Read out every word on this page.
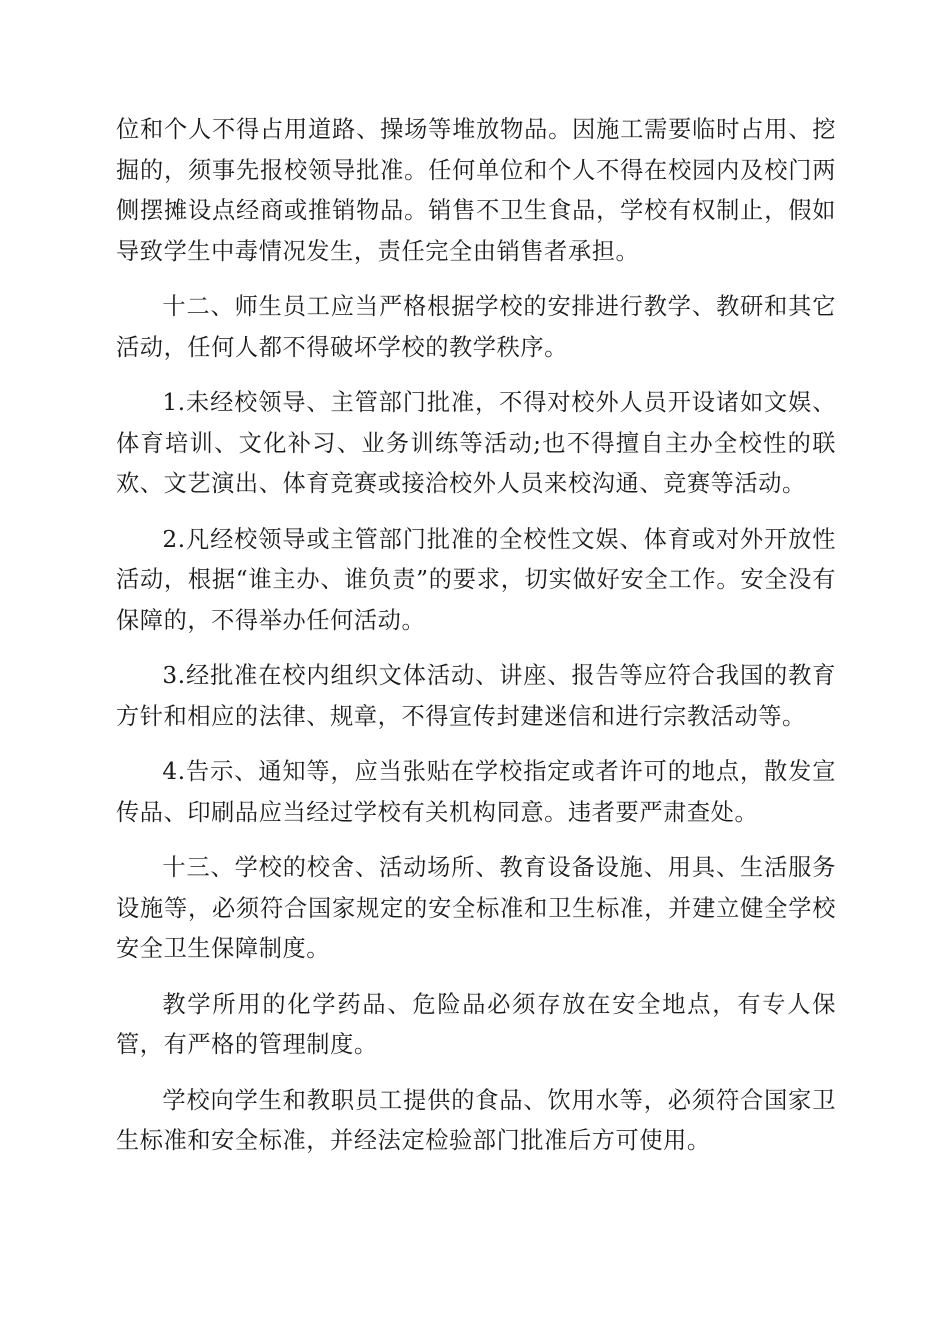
位和个人不得占用道路、操场等堆放物品。因施工需要临时占用、挖掘的，须事先报校领导批准。任何单位和个人不得在校园内及校门两侧摆摊设点经商或推销物品。销售不卫生食品，学校有权制止，假如导致学生中毒情况发生，责任完全由销售者承担。

十二、师生员工应当严格根据学校的安排进行教学、教研和其它活动，任何人都不得破坏学校的教学秩序。

1.未经校领导、主管部门批准，不得对校外人员开设诸如文娱、体育培训、文化补习、业务训练等活动;也不得擅自主办全校性的联欢、文艺演出、体育竞赛或接洽校外人员来校沟通、竞赛等活动。

2.凡经校领导或主管部门批准的全校性文娱、体育或对外开放性活动，根据“谁主办、谁负责”的要求，切实做好安全工作。安全没有保障的，不得举办任何活动。

3.经批准在校内组织文体活动、讲座、报告等应符合我国的教育方针和相应的法律、规章，不得宣传封建迷信和进行宗教活动等。

4.告示、通知等，应当张贴在学校指定或者许可的地点，散发宣传品、印刷品应当经过学校有关机构同意。违者要严肃查处。

十三、学校的校舍、活动场所、教育设备设施、用具、生活服务设施等，必须符合国家规定的安全标准和卫生标准，并建立健全学校安全卫生保障制度。

教学所用的化学药品、危险品必须存放在安全地点，有专人保管，有严格的管理制度。

学校向学生和教职员工提供的食品、饮用水等，必须符合国家卫生标准和安全标准，并经法定检验部门批准后方可使用。
